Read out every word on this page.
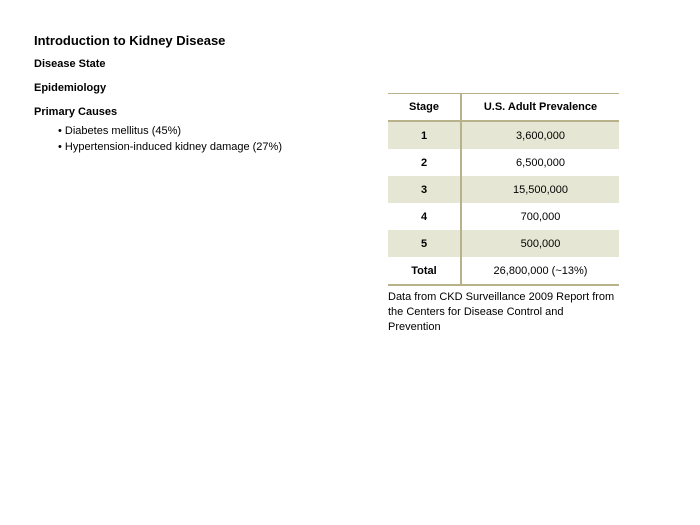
Introduction to Kidney Disease
Disease State
Epidemiology
Primary Causes
• Diabetes mellitus (45%)
• Hypertension-induced kidney damage (27%)
Stage	U.S. Adult Prevalence
1	3,600,000
2	6,500,000
3	15,500,000
4	700,000
5	500,000
Total	26,800,000 (~13%)
Data from CKD Surveillance 2009 Report from
the Centers for Disease Control and Prevention
